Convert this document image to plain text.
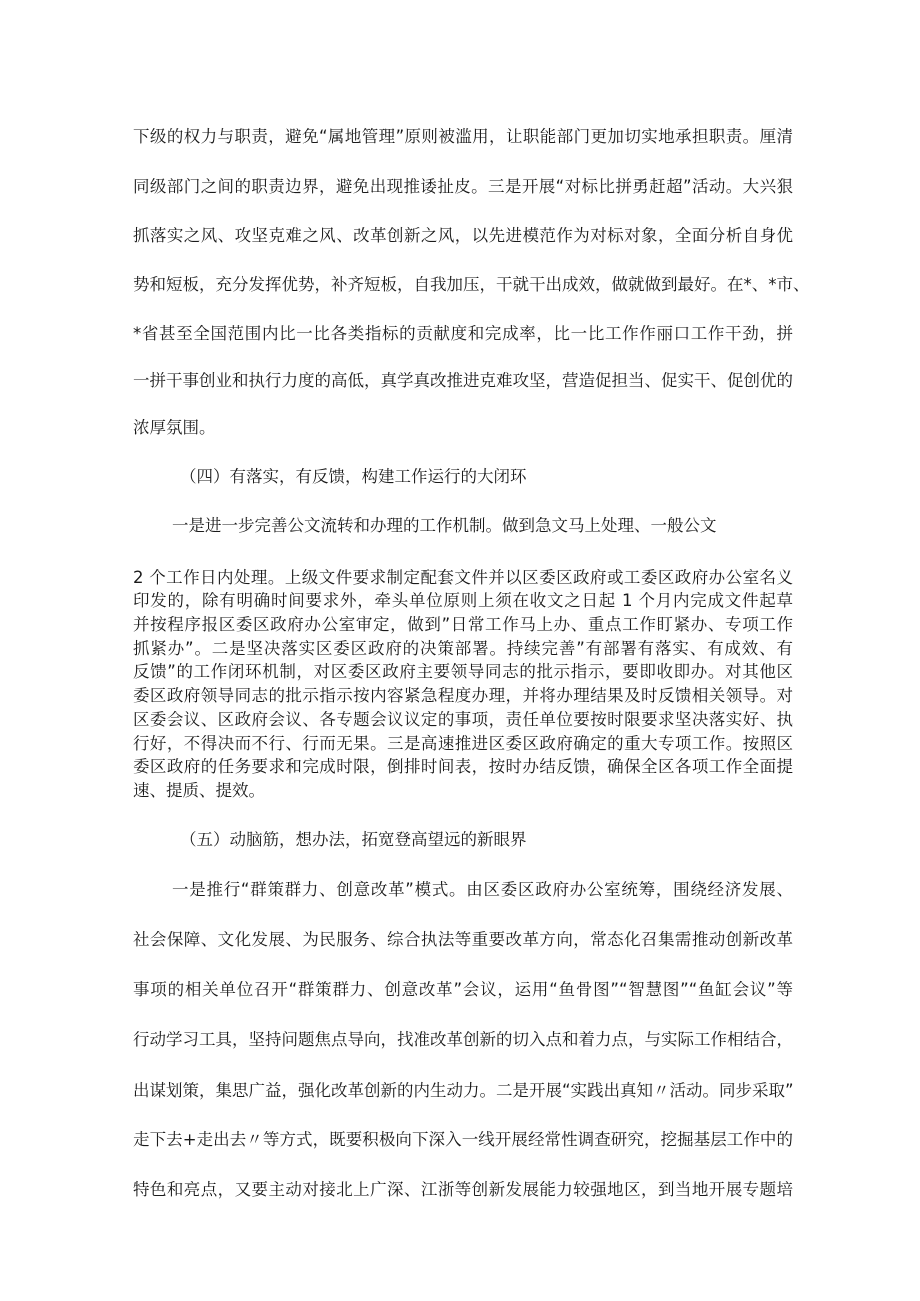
下级的权力与职责，避免“属地管理”原则被滥用，让职能部门更加切实地承担职责。厘清
同级部门之间的职责边界，避免出现推诿扯皮。三是开展“对标比拼勇赶超”活动。大兴狠
抓落实之风、攻坚克难之风、改革创新之风，以先进模范作为对标对象，全面分析自身优
势和短板，充分发挥优势，补齐短板，自我加压，干就干出成效，做就做到最好。在*、*市、
*省甚至全国范围内比一比各类指标的贡献度和完成率，比一比工作作丽口工作干劲，拼
一拼干事创业和执行力度的高低，真学真改推进克难攻坚，营造促担当、促实干、促创优的
浓厚氛围。
（四）有落实，有反馈，构建工作运行的大闭环
一是进一步完善公文流转和办理的工作机制。做到急文马上处理、一般公文
2 个工作日内处理。上级文件要求制定配套文件并以区委区政府或工委区政府办公室名义
印发的，除有明确时间要求外，牵头单位原则上须在收文之日起 1 个月内完成文件起草
并按程序报区委区政府办公室审定，做到”日常工作马上办、重点工作盯紧办、专项工作
抓紧办”。二是坚决落实区委区政府的决策部署。持续完善”有部署有落实、有成效、有
反馈”的工作闭环机制，对区委区政府主要领导同志的批示指示，要即收即办。对其他区
委区政府领导同志的批示指示按内容紧急程度办理，并将办理结果及时反馈相关领导。对
区委会议、区政府会议、各专题会议议定的事项，责任单位要按时限要求坚决落实好、执
行好，不得决而不行、行而无果。三是高速推进区委区政府确定的重大专项工作。按照区
委区政府的任务要求和完成时限，倒排时间表，按时办结反馈，确保全区各项工作全面提
速、提质、提效。
（五）动脑筋，想办法，拓宽登高望远的新眼界
一是推行“群策群力、创意改革”模式。由区委区政府办公室统筹，围绕经济发展、
社会保障、文化发展、为民服务、综合执法等重要改革方向，常态化召集需推动创新改革
事项的相关单位召开“群策群力、创意改革”会议，运用“鱼骨图”“智慧图”“鱼缸会议”等
行动学习工具，坚持问题焦点导向，找准改革创新的切入点和着力点，与实际工作相结合，
出谋划策，集思广益，强化改革创新的内生动力。二是开展“实践出真知〃活动。同步采取”
走下去+走出去〃等方式，既要积极向下深入一线开展经常性调查研究，挖掘基层工作中的
特色和亮点，又要主动对接北上广深、江浙等创新发展能力较强地区，到当地开展专题培
